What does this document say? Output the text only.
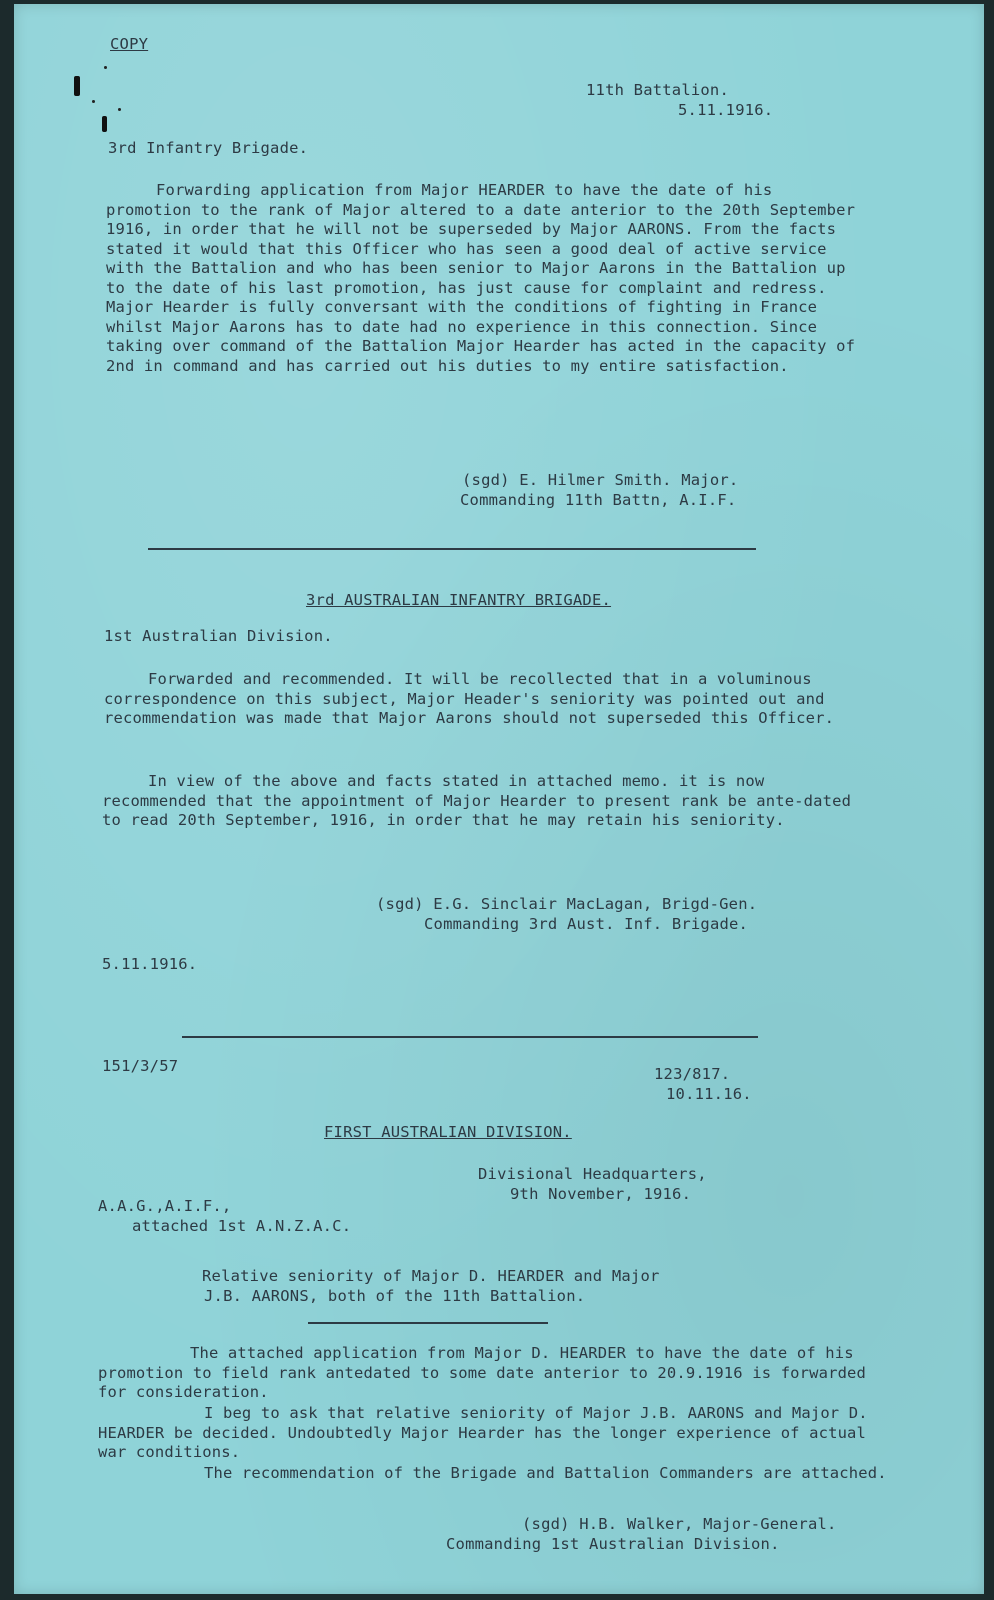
COPY
11th Battalion.
5.11.1916.
3rd Infantry Brigade.
Forwarding application from Major HEARDER to have the date of his promotion to the rank of Major altered to a date anterior to the 20th September 1916, in order that he will not be superseded by Major AARONS. From the facts stated it would that this Officer who has seen a good deal of active service with the Battalion and who has been senior to Major Aarons in the Battalion up to the date of his last promotion, has just cause for complaint and redress. Major Hearder is fully conversant with the conditions of fighting in France whilst Major Aarons has to date had no experience in this connection. Since taking over command of the Battalion Major Hearder has acted in the capacity of 2nd in command and has carried out his duties to my entire satisfaction.
(sgd) E. Hilmer Smith. Major.
Commanding 11th Battn, A.I.F.
3rd AUSTRALIAN INFANTRY BRIGADE.
1st Australian Division.
Forwarded and recommended. It will be recollected that in a voluminous correspondence on this subject, Major Header's seniority was pointed out and recommendation was made that Major Aarons should not superseded this Officer.
In view of the above and facts stated in attached memo. it is now recommended that the appointment of Major Hearder to present rank be ante-dated to read 20th September, 1916, in order that he may retain his seniority.
(sgd) E.G. Sinclair MacLagan, Brigd-Gen.
Commanding 3rd Aust. Inf. Brigade.
5.11.1916.
151/3/57	123/817.
10.11.16.
FIRST AUSTRALIAN DIVISION.
Divisional Headquarters,
9th November, 1916.
A.A.G.,A.I.F.,
attached 1st A.N.Z.A.C.
Relative seniority of Major D. HEARDER and Major
J.B. AARONS, both of the 11th Battalion.
The attached application from Major D. HEARDER to have the date of his promotion to field rank antedated to some date anterior to 20.9.1916 is forwarded for consideration.
I beg to ask that relative seniority of Major J.B. AARONS and Major D. HEARDER be decided. Undoubtedly Major Hearder has the longer experience of actual war conditions.
The recommendation of the Brigade and Battalion Commanders are attached.
(sgd) H.B. Walker, Major-General.
Commanding 1st Australian Division.
